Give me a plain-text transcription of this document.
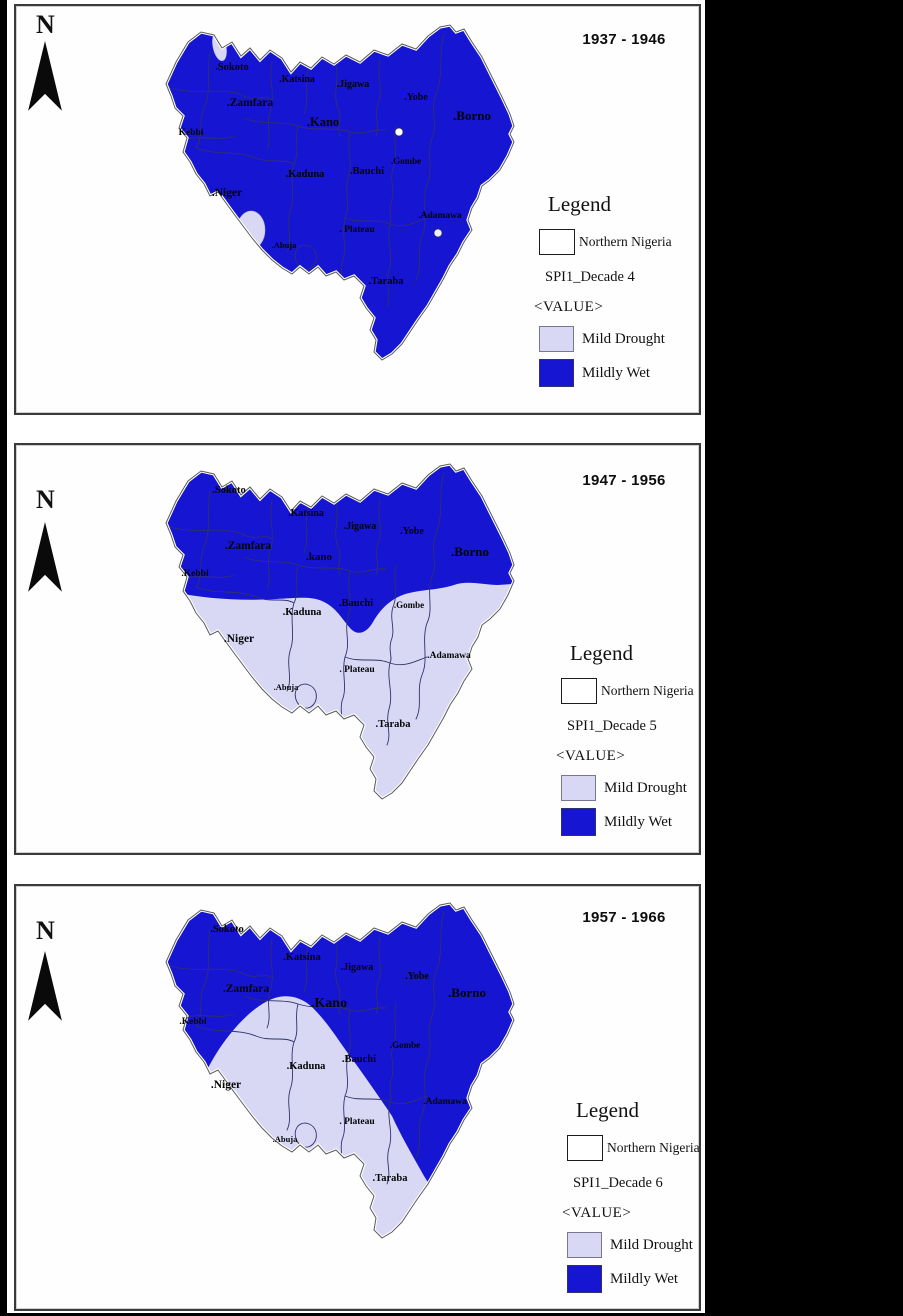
N
1937 - 1946
.Sokoto
.Katsina .Jigawa
.Yobe
.Borno
.Zamfara
.Kano
Kebbi
.Gombe
.Kaduna .Bauchi
.Niger
.Adamawa
. Plateau
.Abuja
.Taraba
Legend
Northern Nigeria
SPI1_Decade 4
<VALUE>
Mild Drought
Mildly Wet
N
1947 - 1956
.Sokoto
.Katsina
.Jigawa .Yobe
.Borno
.Zamfara
.kano
.Kebbi
.Bauchi .Gombe
.Kaduna
.Niger
.Adamawa
. Plateau
.Abuja
.Taraba
Legend
Northern Nigeria
SPI1_Decade 5
<VALUE>
Mild Drought
Mildly Wet
N	1957 - 1966
.Sokoto
.Katsina
.Jigawa
.Yobe
.Borno
.Zamfara
.Kano
.Kebbi
.Gombe
.Bauchi
.Kaduna
.Niger
.Adamawa
. Plateau
.Abuja
.Taraba
Legend
Northern Nigeria
SPI1_Decade 6
<VALUE>
Mild Drought
Mildly Wet
